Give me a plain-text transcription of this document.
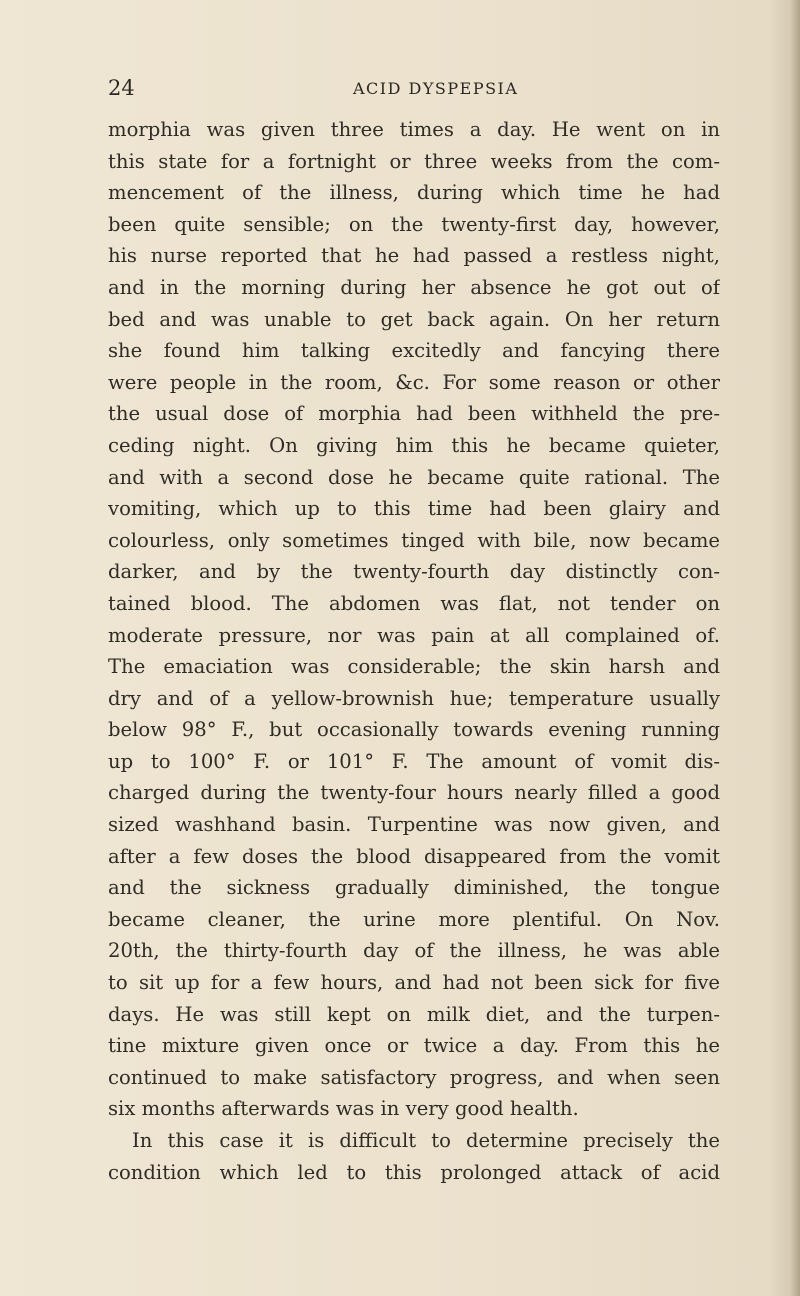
24	ACID DYSPEPSIA
morphia was given three times a day. He went on in
this state for a fortnight or three weeks from the com-
mencement of the illness, during which time he had
been quite sensible; on the twenty-first day, however,
his nurse reported that he had passed a restless night,
and in the morning during her absence he got out of
bed and was unable to get back again. On her return
she found him talking excitedly and fancying there
were people in the room, &c. For some reason or other
the usual dose of morphia had been withheld the pre-
ceding night. On giving him this he became quieter,
and with a second dose he became quite rational. The
vomiting, which up to this time had been glairy and
colourless, only sometimes tinged with bile, now became
darker, and by the twenty-fourth day distinctly con-
tained blood. The abdomen was flat, not tender on
moderate pressure, nor was pain at all complained of.
The emaciation was considerable; the skin harsh and
dry and of a yellow-brownish hue; temperature usually
below 98° F., but occasionally towards evening running
up to 100° F. or 101° F. The amount of vomit dis-
charged during the twenty-four hours nearly filled a good
sized washhand basin. Turpentine was now given, and
after a few doses the blood disappeared from the vomit
and the sickness gradually diminished, the tongue
became cleaner, the urine more plentiful. On Nov.
20th, the thirty-fourth day of the illness, he was able
to sit up for a few hours, and had not been sick for five
days. He was still kept on milk diet, and the turpen-
tine mixture given once or twice a day. From this he
continued to make satisfactory progress, and when seen
six months afterwards was in very good health.
In this case it is difficult to determine precisely the
condition which led to this prolonged attack of acid
